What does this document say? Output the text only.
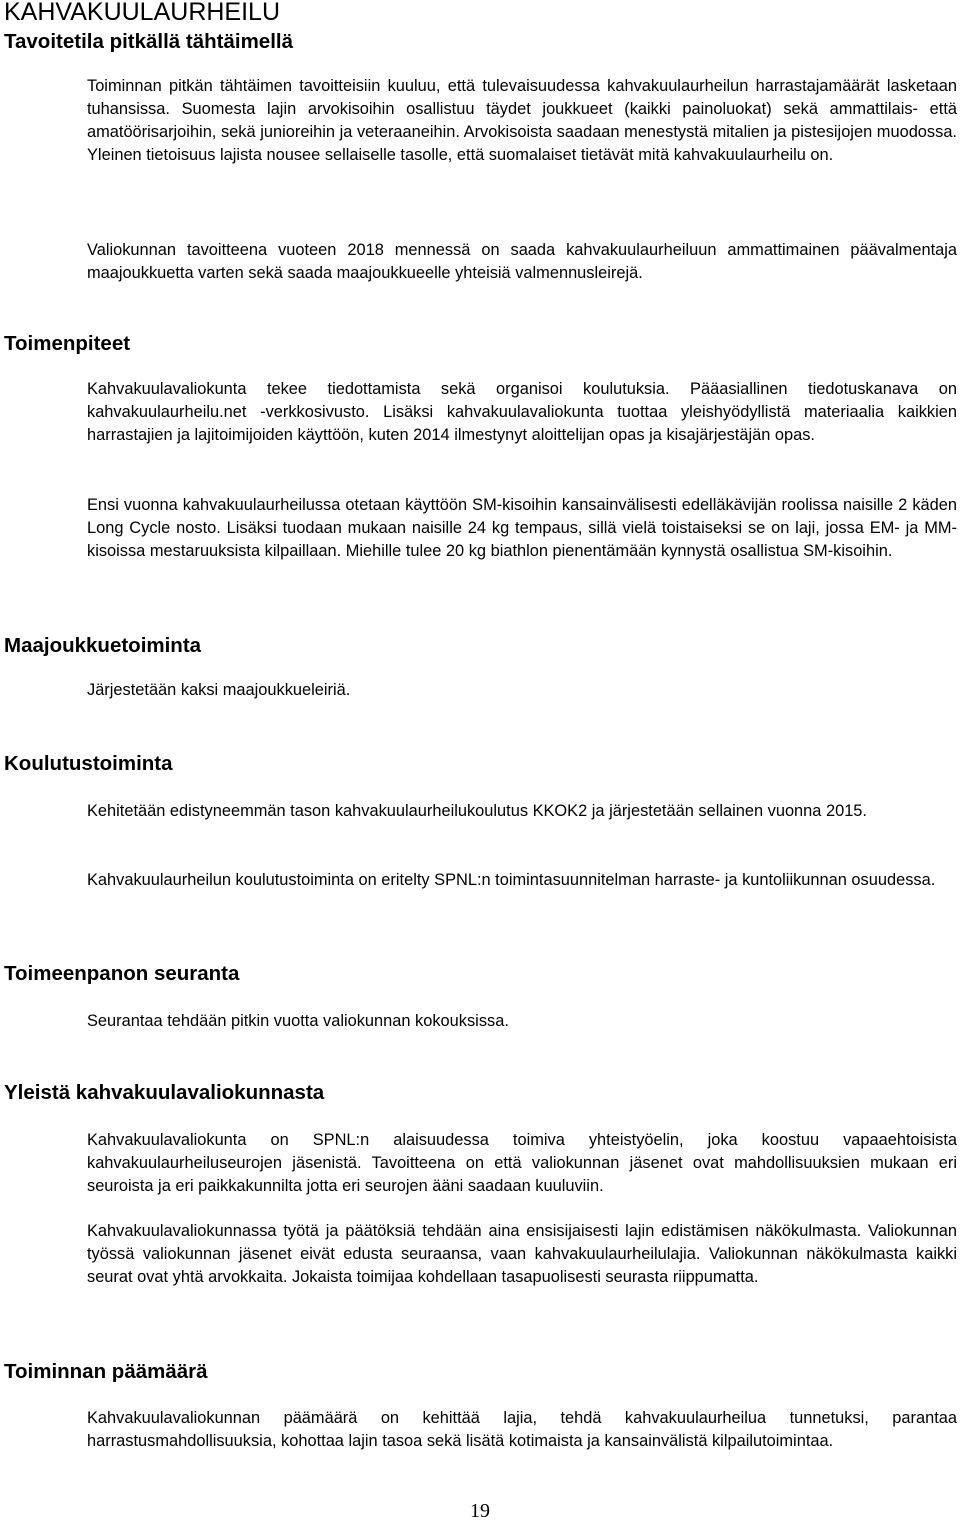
KAHVAKUULAURHEILU
Tavoitetila pitkällä tähtäimellä

Toiminnan pitkän tähtäimen tavoitteisiin kuuluu, että tulevaisuudessa kahvakuulaurheilun harrastajamäärät lasketaan tuhansissa. Suomesta lajin arvokisoihin osallistuu täydet joukkueet (kaikki painoluokat) sekä ammattilais- että amatöörisarjoihin, sekä junioreihin ja veteraaneihin. Arvokisoista saadaan menestystä mitalien ja pistesijojen muodossa. Yleinen tietoisuus lajista nousee sellaiselle tasolle, että suomalaiset tietävät mitä kahvakuulaurheilu on.

Valiokunnan tavoitteena vuoteen 2018 mennessä on saada kahvakuulaurheiluun ammattimainen päävalmentaja maajoukkuetta varten sekä saada maajoukkueelle yhteisiä valmennusleirejä.

Toimenpiteet

Kahvakuulavaliokunta tekee tiedottamista sekä organisoi koulutuksia. Pääasiallinen tiedotuskanava on kahvakuulaurheilu.net -verkkosivusto. Lisäksi kahvakuulavaliokunta tuottaa yleishyödyllistä materiaalia kaikkien harrastajien ja lajitoimijoiden käyttöön, kuten 2014 ilmestynyt aloittelijan opas ja kisajärjestäjän opas.

Ensi vuonna kahvakuulaurheilussa otetaan käyttöön SM-kisoihin kansainvälisesti edelläkävijän roolissa naisille 2 käden Long Cycle nosto. Lisäksi tuodaan mukaan naisille 24 kg tempaus, sillä vielä toistaiseksi se on laji, jossa EM- ja MM-kisoissa mestaruuksista kilpaillaan. Miehille tulee 20 kg biathlon pienentämään kynnystä osallistua SM-kisoihin.

Maajoukkuetoiminta

Järjestetään kaksi maajoukkueleiriä.

Koulutustoiminta

Kehitetään edistyneemmän tason kahvakuulaurheilukoulutus KKOK2 ja järjestetään sellainen vuonna 2015.

Kahvakuulaurheilun koulutustoiminta on eritelty SPNL:n toimintasuunnitelman harraste- ja kuntoliikunnan osuudessa.

Toimeenpanon seuranta

Seurantaa tehdään pitkin vuotta valiokunnan kokouksissa.

Yleistä kahvakuulavaliokunnasta

Kahvakuulavaliokunta on SPNL:n alaisuudessa toimiva yhteistyöelin, joka koostuu vapaaehtoisista kahvakuulaurheiluseurojen jäsenistä. Tavoitteena on että valiokunnan jäsenet ovat mahdollisuuksien mukaan eri seuroista ja eri paikkakunnilta jotta eri seurojen ääni saadaan kuuluviin.

Kahvakuulavaliokunnassa työtä ja päätöksiä tehdään aina ensisijaisesti lajin edistämisen näkökulmasta. Valiokunnan työssä valiokunnan jäsenet eivät edusta seuraansa, vaan kahvakuulaurheilulajia. Valiokunnan näkökulmasta kaikki seurat ovat yhtä arvokkaita. Jokaista toimijaa kohdellaan tasapuolisesti seurasta riippumatta.

Toiminnan päämäärä

Kahvakuulavaliokunnan päämäärä on kehittää lajia, tehdä kahvakuulaurheilua tunnetuksi, parantaa harrastusmahdollisuuksia, kohottaa lajin tasoa sekä lisätä kotimaista ja kansainvälistä kilpailutoimintaa.

19
